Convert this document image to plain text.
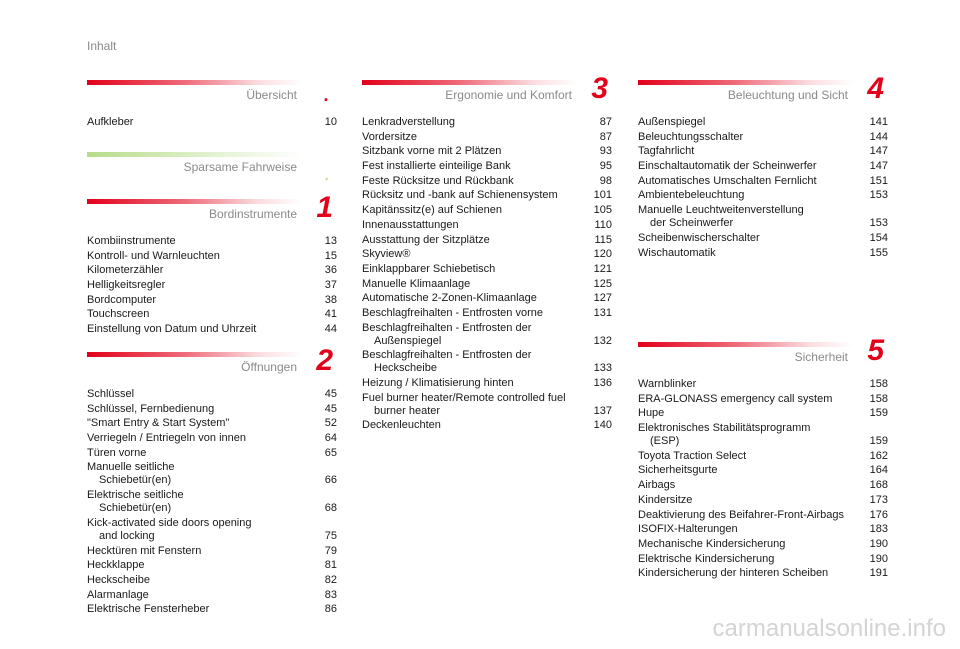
Inhalt
Übersicht .
Aufkleber	10
Sparsame Fahrweise .
Bordinstrumente 1
Kombiinstrumente	13
Kontroll- und Warnleuchten	15
Kilometerzähler	36
Helligkeitsregler	37
Bordcomputer	38
Touchscreen	41
Einstellung von Datum und Uhrzeit	44
Öffnungen 2
Schlüssel	45
Schlüssel, Fernbedienung	45
"Smart Entry & Start System"	52
Verriegeln / Entriegeln von innen	64
Türen vorne	65
Manuelle seitliche
Schiebetür(en)	66
Elektrische seitliche
Schiebetür(en)	68
Kick-activated side doors opening
and locking	75
Hecktüren mit Fenstern	79
Heckklappe	81
Heckscheibe	82
Alarmanlage	83
Elektrische Fensterheber	86
Ergonomie und Komfort 3
Lenkradverstellung	87
Vordersitze	87
Sitzbank vorne mit 2 Plätzen	93
Fest installierte einteilige Bank	95
Feste Rücksitze und Rückbank	98
Rücksitz und -bank auf Schienensystem	101
Kapitänssitz(e) auf Schienen	105
Innenausstattungen	110
Ausstattung der Sitzplätze	115
Skyview®	120
Einklappbarer Schiebetisch	121
Manuelle Klimaanlage	125
Automatische 2-Zonen-Klimaanlage	127
Beschlagfreihalten - Entfrosten vorne	131
Beschlagfreihalten - Entfrosten der
Außenspiegel	132
Beschlagfreihalten - Entfrosten der
Heckscheibe	133
Heizung / Klimatisierung hinten	136
Fuel burner heater/Remote controlled fuel
burner heater	137
Deckenleuchten	140
Beleuchtung und Sicht 4
Außenspiegel	141
Beleuchtungsschalter	144
Tagfahrlicht	147
Einschaltautomatik der Scheinwerfer	147
Automatisches Umschalten Fernlicht	151
Ambientebeleuchtung	153
Manuelle Leuchtweitenverstellung
der Scheinwerfer	153
Scheibenwischerschalter	154
Wischautomatik	155
Sicherheit 5
Warnblinker	158
ERA-GLONASS emergency call system	158
Hupe	159
Elektronisches Stabilitätsprogramm
(ESP)	159
Toyota Traction Select	162
Sicherheitsgurte	164
Airbags	168
Kindersitze	173
Deaktivierung des Beifahrer-Front-Airbags	176
ISOFIX-Halterungen	183
Mechanische Kindersicherung	190
Elektrische Kindersicherung	190
Kindersicherung der hinteren Scheiben	191
carmanualsonline.info
